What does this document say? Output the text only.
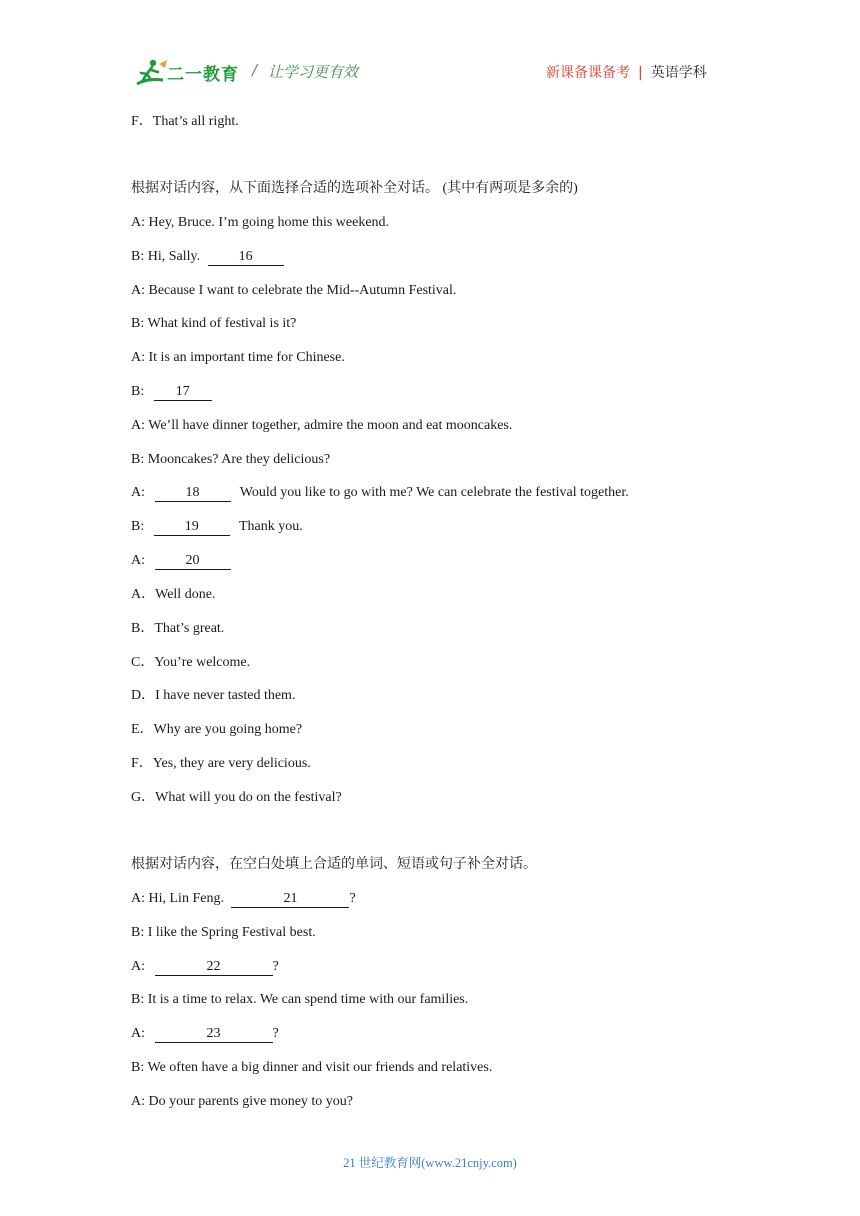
二一教育 / 让学习更有效	新课备课备考 | 英语学科
F．That’s all right.
根据对话内容，从下面选择合适的选项补全对话。 (其中有两项是多余的)
A: Hey, Bruce. I’m going home this weekend.
B: Hi, Sally.	16
A: Because I want to celebrate the Mid--Autumn Festival.
B: What kind of festival is it?
A: It is an important time for Chinese.
B: 17
A: We’ll have dinner together, admire the moon and eat mooncakes.
B: Mooncakes? Are they delicious?
A:	18	Would you like to go with me? We can celebrate the festival together.
B:	19	Thank you.
A:	20
A．Well done.
B．That’s great.
C．You’re welcome.
D．I have never tasted them.
E．Why are you going home?
F．Yes, they are very delicious.
G．What will you do on the festival?
根据对话内容，在空白处填上合适的单词、短语或句子补全对话。
A: Hi, Lin Feng.	21	?
B: I like the Spring Festival best.
A:	22	?
B: It is a time to relax. We can spend time with our families.
A:	23	?
B: We often have a big dinner and visit our friends and relatives.
A: Do your parents give money to you?
21 世纪教育网(www.21cnjy.com)
